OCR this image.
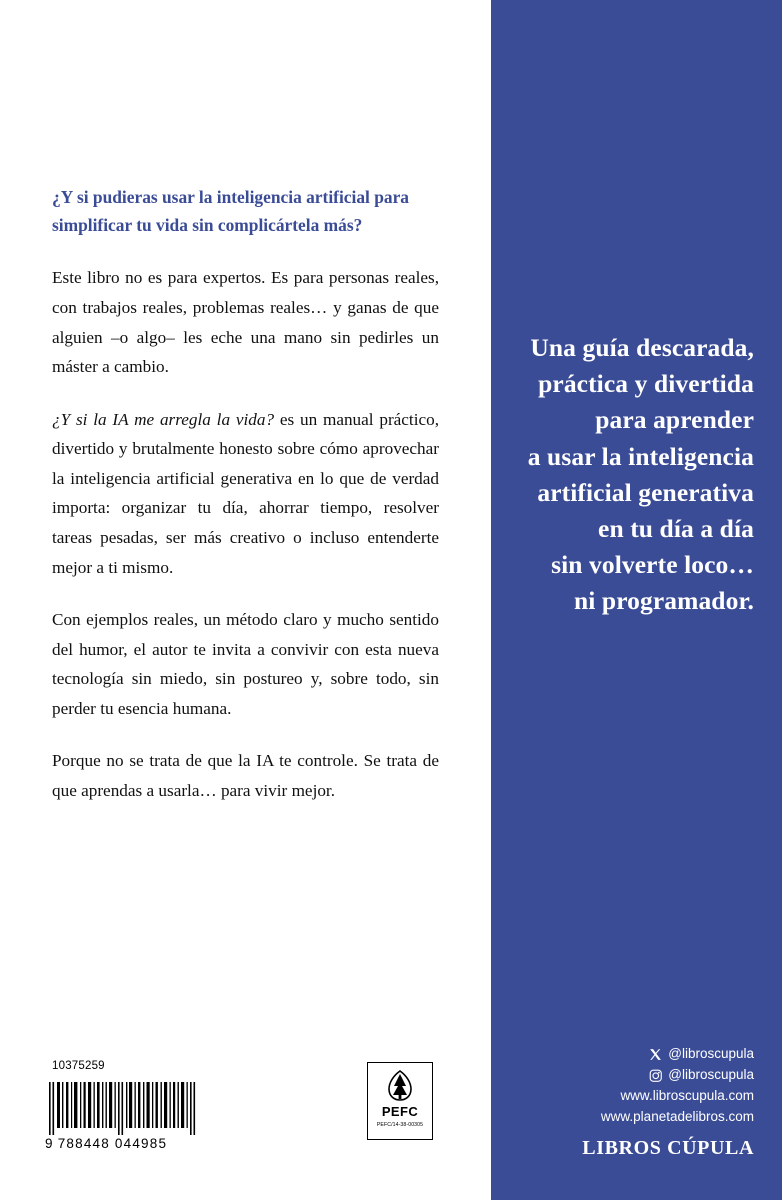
¿Y si pudieras usar la inteligencia artificial para simplificar tu vida sin complicártela más?

Este libro no es para expertos. Es para personas reales, con trabajos reales, problemas reales… y ganas de que alguien –o algo– les eche una mano sin pedirles un máster a cambio.

¿Y si la IA me arregla la vida? es un manual práctico, divertido y brutalmente honesto sobre cómo aprovechar la inteligencia artificial generativa en lo que de verdad importa: organizar tu día, ahorrar tiempo, resolver tareas pesadas, ser más creativo o incluso entenderte mejor a ti mismo.

Con ejemplos reales, un método claro y mucho sentido del humor, el autor te invita a convivir con esta nueva tecnología sin miedo, sin postureo y, sobre todo, sin perder tu esencia humana.

Porque no se trata de que la IA te controle. Se trata de que aprendas a usarla… para vivir mejor.

10375259
9 788448 044985
PEFC
PEFC/14-38-00305
Una guía descarada,
práctica y divertida
para aprender
a usar la inteligencia
artificial generativa
en tu día a día
sin volverte loco…
ni programador.
@libroscupula
@libroscupula
www.libroscupula.com
www.planetadelibros.com
LIBROS CÚPULA
